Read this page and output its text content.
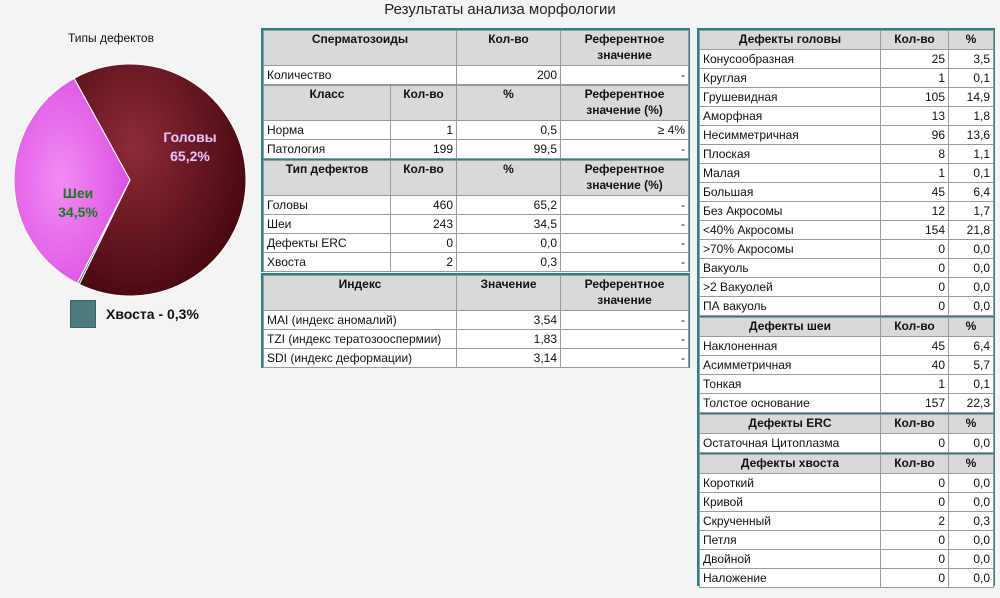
Результаты анализа морфологии
Типы дефектов
Головы
65,2%
Шеи
34,5%
Хвоста - 0,3%
Сперматозоиды	Кол-во	Референтное значение
Количество	200	-
Класс	Кол-во	%	Референтное значение (%)
Норма	1	0,5	≥ 4%
Патология	199	99,5	-
Тип дефектов	Кол-во	%	Референтное значение (%)
Головы	460	65,2	-
Шеи	243	34,5	-
Дефекты ERC	0	0,0	-
Хвоста	2	0,3	-
Индекс	Значение	Референтное значение
MAI (индекс аномалий)	3,54	-
TZI (индекс тератозооспермии)	1,83	-
SDI (индекс деформации)	3,14	-
Дефекты головы	Кол-во	%
Конусообразная	25	3,5
Круглая	1	0,1
Грушевидная	105	14,9
Аморфная	13	1,8
Несимметричная	96	13,6
Плоская	8	1,1
Малая	1	0,1
Большая	45	6,4
Без Акросомы	12	1,7
<40% Акросомы	154	21,8
>70% Акросомы	0	0,0
Вакуоль	0	0,0
>2 Вакуолей	0	0,0
ПА вакуоль	0	0,0
Дефекты шеи	Кол-во	%
Наклоненная	45	6,4
Асимметричная	40	5,7
Тонкая	1	0,1
Толстое основание	157	22,3
Дефекты ERC	Кол-во	%
Остаточная Цитоплазма	0	0,0
Дефекты хвоста	Кол-во	%
Короткий	0	0,0
Кривой	0	0,0
Скрученный	2	0,3
Петля	0	0,0
Двойной	0	0,0
Наложение	0	0,0
